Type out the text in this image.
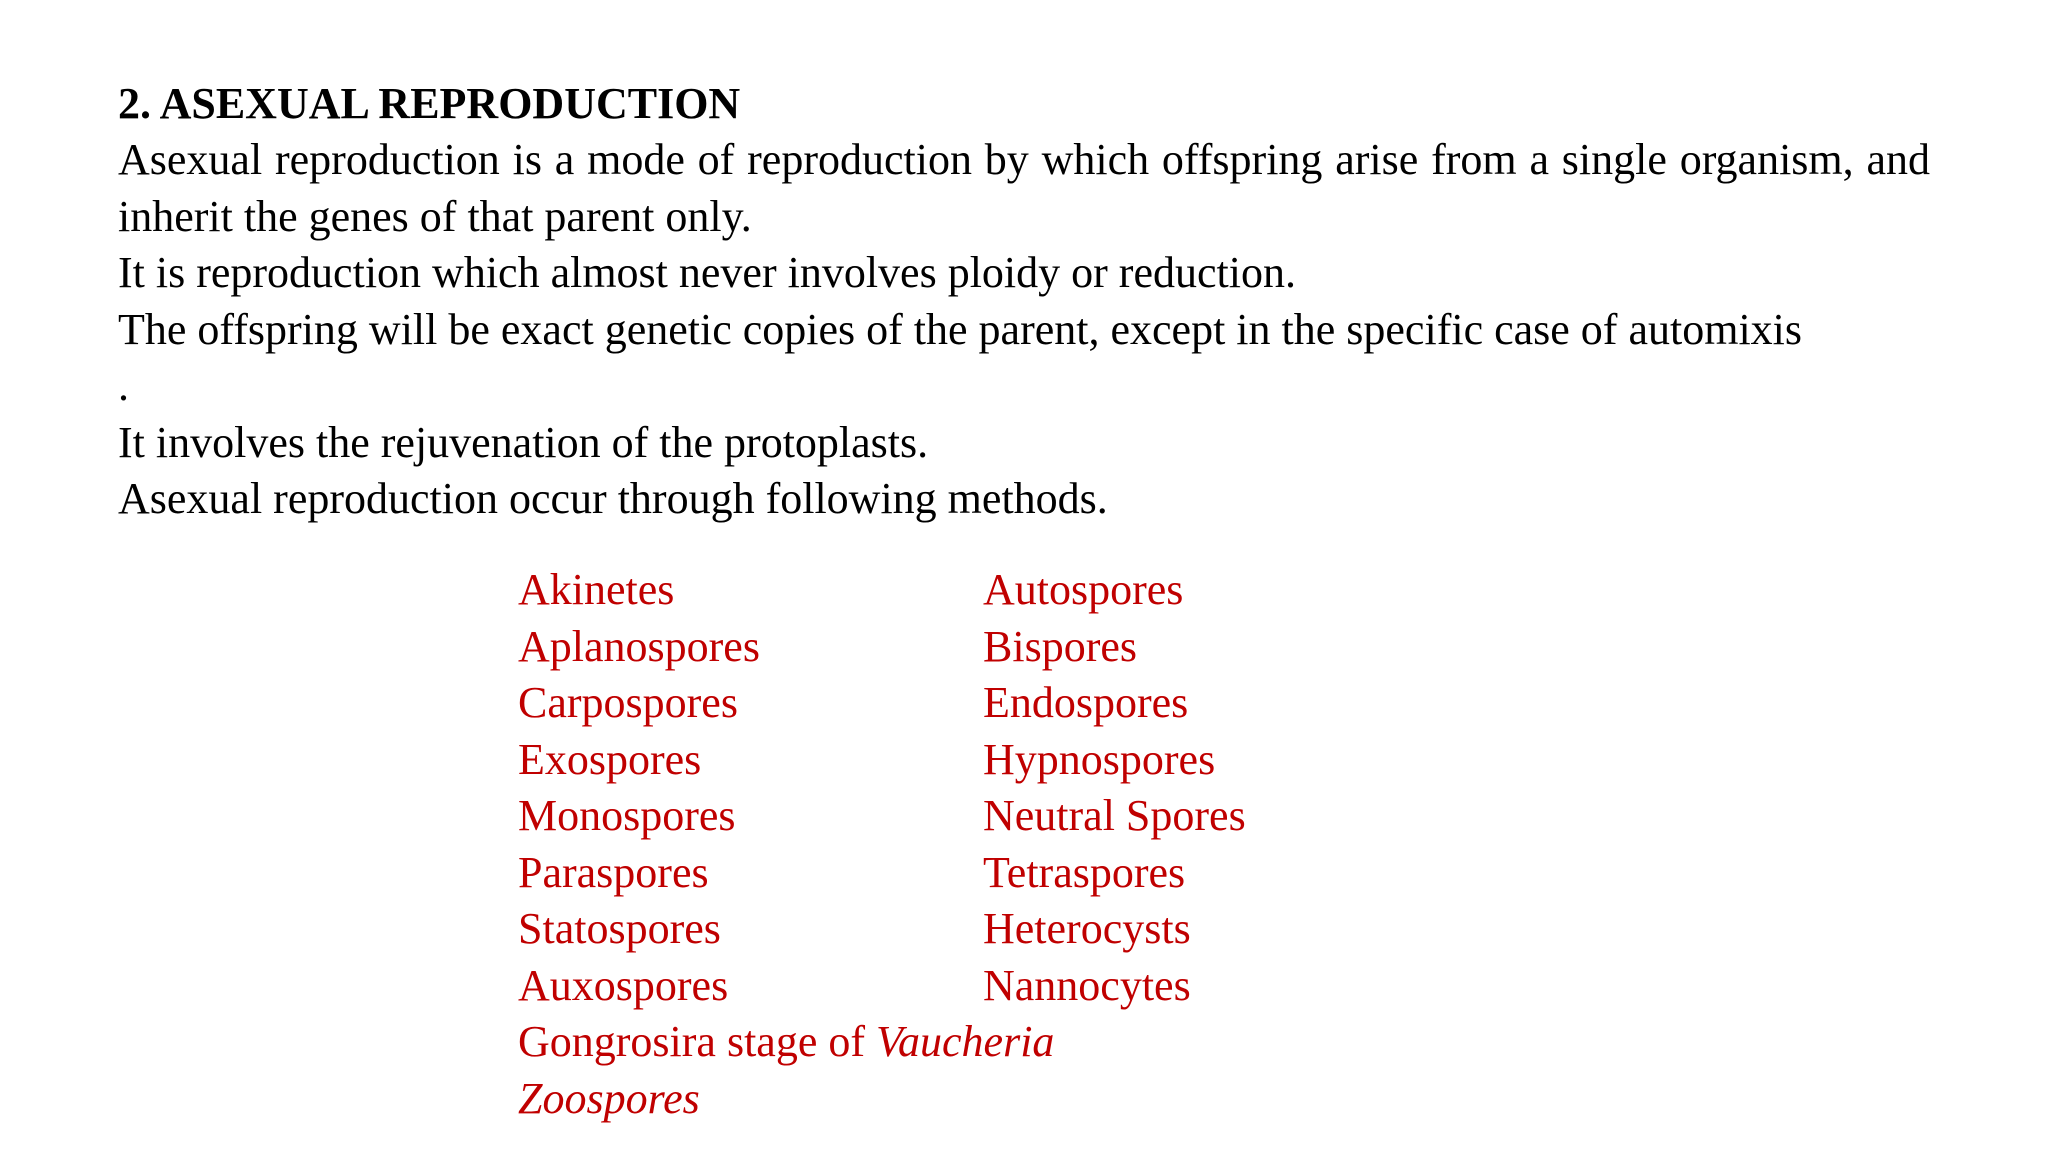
2. ASEXUAL REPRODUCTION

Asexual reproduction is a mode of reproduction by which offspring arise from a single organism, and inherit the genes of that parent only.

It is reproduction which almost never involves ploidy or reduction.

The offspring will be exact genetic copies of the parent, except in the specific case of automixis

.

It involves the rejuvenation of the protoplasts.

Asexual reproduction occur through following methods.

Akinetes	Autospores
Aplanospores	Bispores
Carpospores	Endospores
Exospores	Hypnospores
Monospores	Neutral Spores
Paraspores	Tetraspores
Statospores	Heterocysts
Auxospores	Nannocytes
Gongrosira stage of Vaucheria
Zoospores
